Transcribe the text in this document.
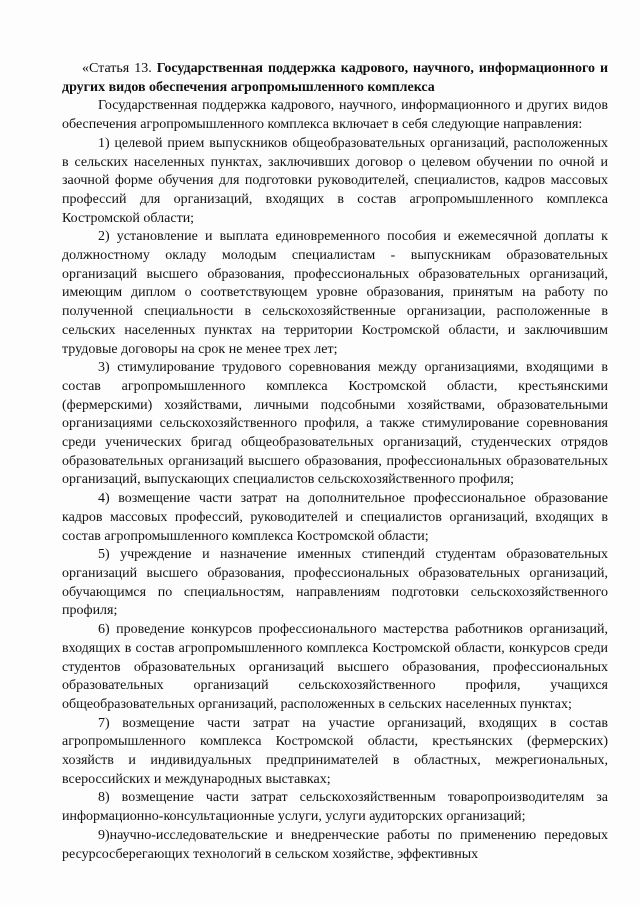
«Статья 13. Государственная поддержка кадрового, научного, информационного и других видов обеспечения агропромышленного комплекса

Государственная поддержка кадрового, научного, информационного и других видов обеспечения агропромышленного комплекса включает в себя следующие направления:

1) целевой прием выпускников общеобразовательных организаций, расположенных в сельских населенных пунктах, заключивших договор о целевом обучении по очной и заочной форме обучения для подготовки руководителей, специалистов, кадров массовых профессий для организаций, входящих в состав агропромышленного комплекса Костромской области;

2) установление и выплата единовременного пособия и ежемесячной доплаты к должностному окладу молодым специалистам - выпускникам образовательных организаций высшего образования, профессиональных образовательных организаций, имеющим диплом о соответствующем уровне образования, принятым на работу по полученной специальности в сельскохозяйственные организации, расположенные в сельских населенных пунктах на территории Костромской области, и заключившим трудовые договоры на срок не менее трех лет;

3) стимулирование трудового соревнования между организациями, входящими в состав агропромышленного комплекса Костромской области, крестьянскими (фермерскими) хозяйствами, личными подсобными хозяйствами, образовательными организациями сельскохозяйственного профиля, а также стимулирование соревнования среди ученических бригад общеобразовательных организаций, студенческих отрядов образовательных организаций высшего образования, профессиональных образовательных организаций, выпускающих специалистов сельскохозяйственного профиля;

4) возмещение части затрат на дополнительное профессиональное образование кадров массовых профессий, руководителей и специалистов организаций, входящих в состав агропромышленного комплекса Костромской области;

5) учреждение и назначение именных стипендий студентам образовательных организаций высшего образования, профессиональных образовательных организаций, обучающимся по специальностям, направлениям подготовки сельскохозяйственного профиля;

6) проведение конкурсов профессионального мастерства работников организаций, входящих в состав агропромышленного комплекса Костромской области, конкурсов среди студентов образовательных организаций высшего образования, профессиональных образовательных организаций сельскохозяйственного профиля, учащихся общеобразовательных организаций, расположенных в сельских населенных пунктах;

7) возмещение части затрат на участие организаций, входящих в состав агропромышленного комплекса Костромской области, крестьянских (фермерских) хозяйств и индивидуальных предпринимателей в областных, межрегиональных, всероссийских и международных выставках;

8) возмещение части затрат сельскохозяйственным товаропроизводителям за информационно-консультационные услуги, услуги аудиторских организаций;

9)научно-исследовательские и внедренческие работы по применению передовых ресурсосберегающих технологий в сельском хозяйстве, эффективных
